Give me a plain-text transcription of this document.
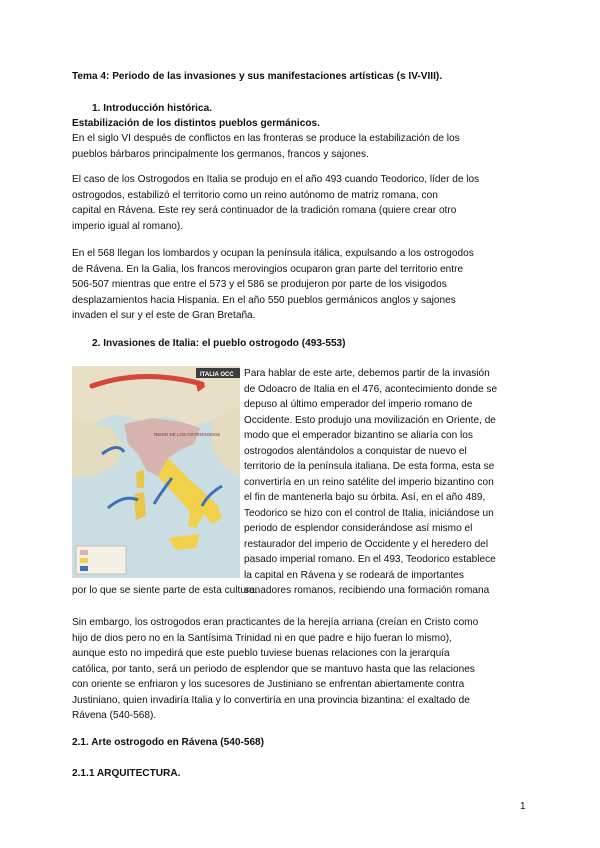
Tema 4: Periodo de las invasiones y sus manifestaciones artísticas (s IV-VIII).
1. Introducción histórica.
Estabilización de los distintos pueblos germánicos.
En el siglo VI después de conflictos en las fronteras se produce la estabilización de los
pueblos bárbaros principalmente los germanos, francos y sajones.
El caso de los Ostrogodos en Italia se produjo en el año 493 cuando Teodorico, líder de los
ostrogodos, estabilizó el territorio como un reino autónomo de matriz romana, con
capital en Rávena. Este rey será continuador de la tradición romana (quiere crear otro
imperio igual al romano).
En el 568 llegan los lombardos y ocupan la península itálica, expulsando a los ostrogodos
de Rávena. En la Galia, los francos merovingios ocuparon gran parte del territorio entre
506-507 mientras que entre el 573 y el 586 se produjeron por parte de los visigodos
desplazamientos hacia Hispania. En el año 550 pueblos germánicos anglos y sajones
invaden el sur y el este de Gran Bretaña.
2. Invasiones de Italia: el pueblo ostrogodo (493-553)
ITALIA OCC
REINO DE LOS OSTROGODOS
Para hablar de este arte, debemos partir de la invasión
de Odoacro de Italia en el 476, acontecimiento donde se
depuso al último emperador del imperio romano de
Occidente. Esto produjo una movilización en Oriente, de
modo que el emperador bizantino se aliaría con los
ostrogodos alentándolos a conquistar de nuevo el
territorio de la península italiana. De esta forma, esta se
convertiría en un reino satélite del imperio bizantino con
el fin de mantenerla bajo su órbita. Así, en el año 489,
Teodorico se hizo con el control de Italia, iniciándose un
periodo de esplendor considerándose así mismo el
restaurador del imperio de Occidente y el heredero del
pasado imperial romano. En el 493, Teodorico establece
la capital en Rávena y se rodeará de importantes
senadores romanos, recibiendo una formación romana
por lo que se siente parte de esta cultura.
Sin embargo, los ostrogodos eran practicantes de la herejía arriana (creían en Cristo como
hijo de dios pero no en la Santísima Trinidad ni en que padre e hijo fueran lo mismo),
aunque esto no impedirá que este pueblo tuviese buenas relaciones con la jerarquía
católica, por tanto, será un periodo de esplendor que se mantuvo hasta que las relaciones
con oriente se enfriaron y los sucesores de Justiniano se enfrentan abiertamente contra
Justiniano, quien invadiría Italia y lo convertiría en una provincia bizantina: el exaltado de
Rávena (540-568).
2.1. Arte ostrogodo en Rávena (540-568)
2.1.1 ARQUITECTURA.
1
